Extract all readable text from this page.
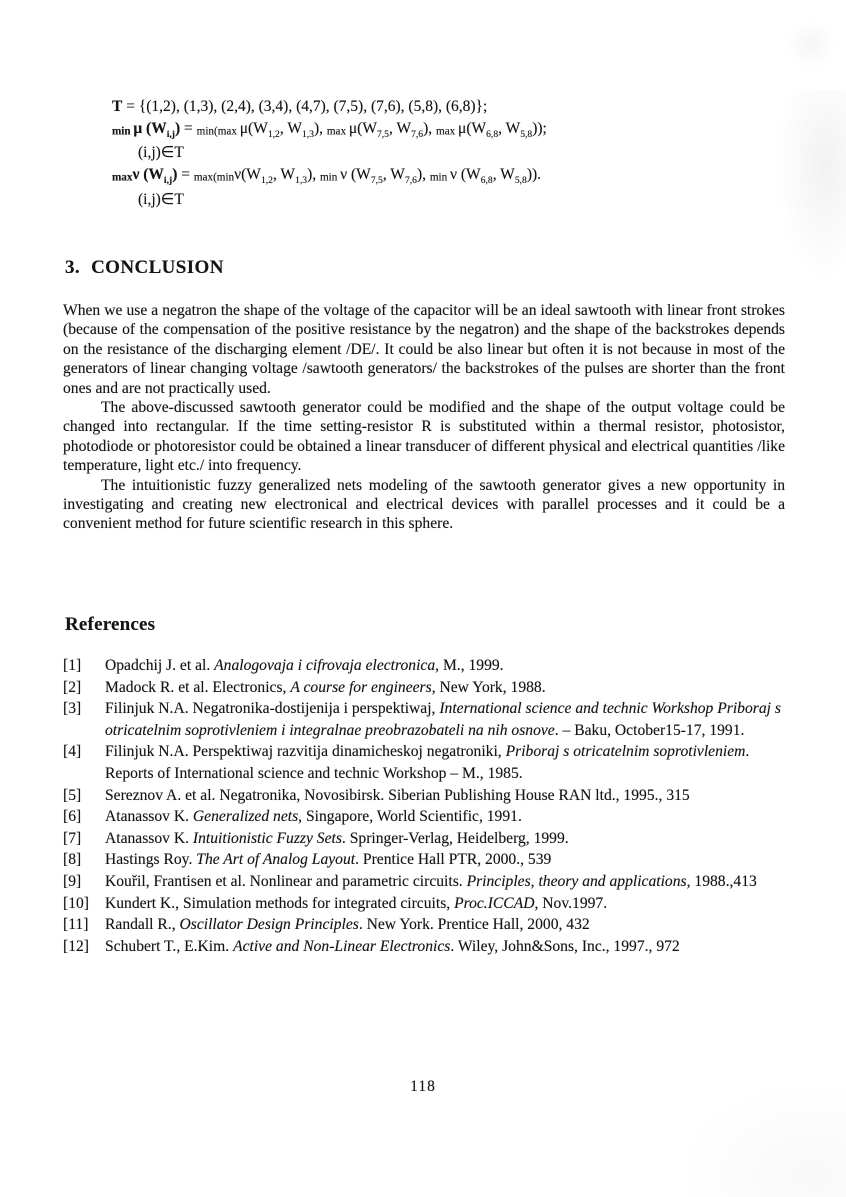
T = {(1,2), (1,3), (2,4), (3,4), (4,7), (7,5), (7,6), (5,8), (6,8)};
min μ $(W_{i,j}) = \min(\max$ $\mu(W_{1,2}$, $W_{1,3}$), $\max \mu(W_{7,5}$, $W_{7,6}$), $\max \mu(W_{6,8}$, $W_{5,8}$));
(i,j)∈T
maxν $(W_{i,j}) = \max(\min\nu(W_{1,2}$, $W_{1,3}$), min ν ($W_{7,5}$, $W_{7,6}$), min ν ($W_{6,8}$, $W_{5,8}$)).
(i,j)∈T
3. CONCLUSION

When we use a negatron the shape of the voltage of the capacitor will be an ideal sawtooth with linear front strokes (because of the compensation of the positive resistance by the negatron) and the shape of the backstrokes depends on the resistance of the discharging element /DE/. It could be also linear but often it is not because in most of the generators of linear changing voltage /sawtooth generators/ the backstrokes of the pulses are shorter than the front ones and are not practically used.

The above-discussed sawtooth generator could be modified and the shape of the output voltage could be changed into rectangular. If the time setting-resistor R is substituted within a thermal resistor, photosistor, photodiode or photoresistor could be obtained a linear transducer of different physical and electrical quantities /like temperature, light etc./ into frequency.

The intuitionistic fuzzy generalized nets modeling of the sawtooth generator gives a new opportunity in investigating and creating new electronical and electrical devices with parallel processes and it could be a convenient method for future scientific research in this sphere.

References
[1]	Opadchij J. et al. Analogovaja i cifrovaja electronica, M., 1999.
[2]	Madock R. et al. Electronics, A course for engineers, New York, 1988.
[3]	Filinjuk N.A. Negatronika-dostijenija i perspektiwaj, International science and technic Workshop Priboraj s otricatelnim soprotivleniem i integralnae preobrazobateli na nih osnove. – Baku, October15-17, 1991.
[4]	Filinjuk N.A. Perspektiwaj razvitija dinamicheskoj negatroniki, Priboraj s otricatelnim soprotivleniem. Reports of International science and technic Workshop – M., 1985.
[5]	Sereznov A. et al. Negatronika, Novosibirsk. Siberian Publishing House RAN ltd., 1995., 315
[6]	Atanassov K. Generalized nets, Singapore, World Scientific, 1991.
[7]	Atanassov K. Intuitionistic Fuzzy Sets. Springer-Verlag, Heidelberg, 1999.
[8]	Hastings Roy. The Art of Analog Layout. Prentice Hall PTR, 2000., 539
[9]	Kouřil, Frantisen et al. Nonlinear and parametric circuits. Principles, theory and applications, 1988.,413
[10]	Kundert K., Simulation methods for integrated circuits, Proc.ICCAD, Nov.1997.
[11]	Randall R., Oscillator Design Principles. New York. Prentice Hall, 2000, 432
[12]	Schubert T., E.Kim. Active and Non-Linear Electronics. Wiley, John&Sons, Inc., 1997., 972
118
